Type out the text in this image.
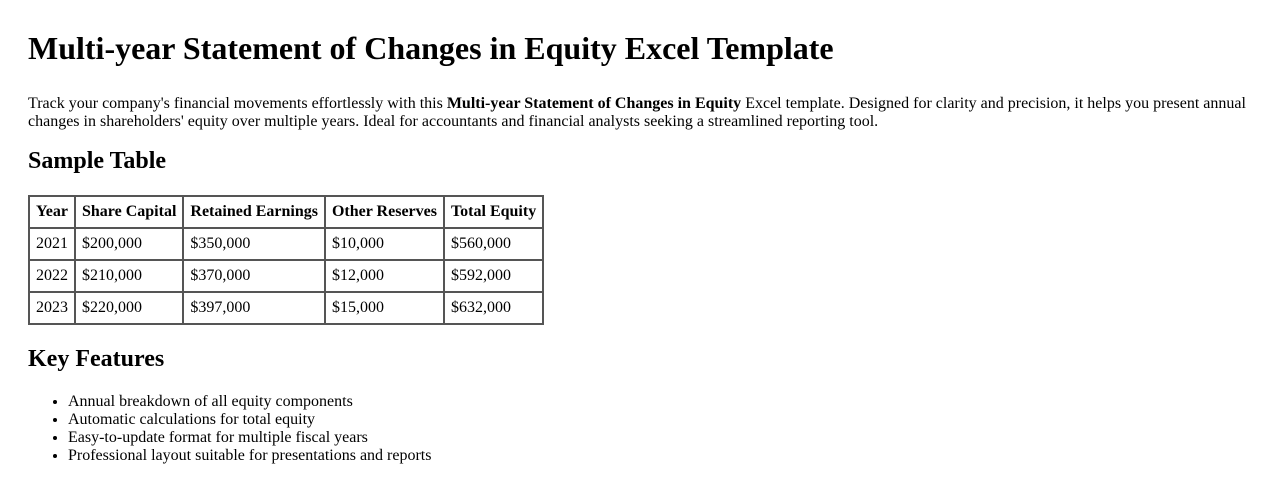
Multi-year Statement of Changes in Equity Excel Template

Track your company's financial movements effortlessly with this Multi-year Statement of Changes in Equity Excel template. Designed for clarity and precision, it helps you present annual changes in shareholders' equity over multiple years. Ideal for accountants and financial analysts seeking a streamlined reporting tool.

Sample Table
Year	Share Capital	Retained Earnings	Other Reserves	Total Equity
2021	$200,000	$350,000	$10,000	$560,000
2022	$210,000	$370,000	$12,000	$592,000
2023	$220,000	$397,000	$15,000	$632,000
Key Features
• Annual breakdown of all equity components
• Automatic calculations for total equity
• Easy-to-update format for multiple fiscal years
• Professional layout suitable for presentations and reports
